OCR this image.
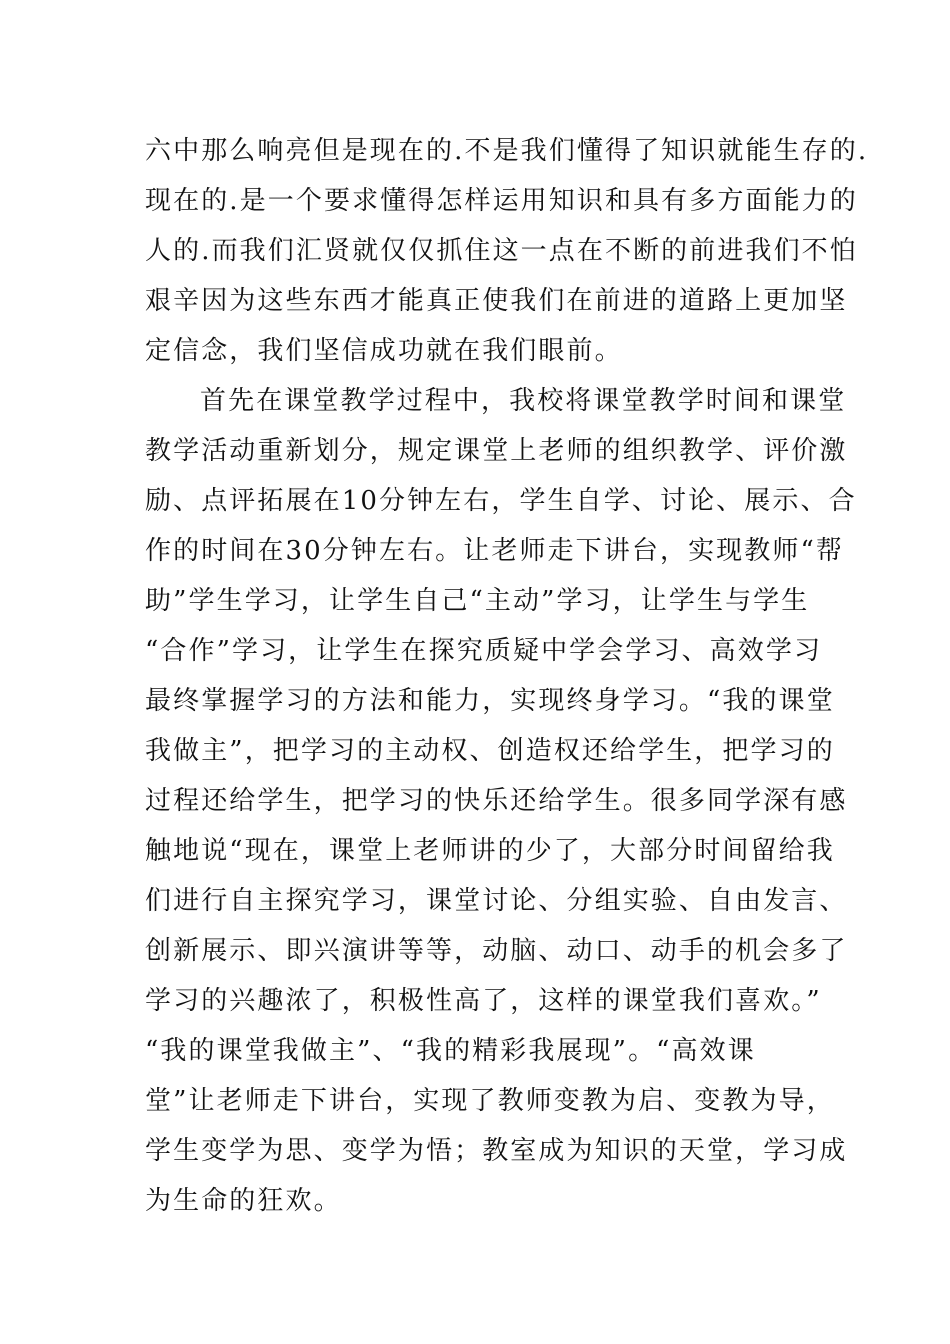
六中那么响亮但是现在的.不是我们懂得了知识就能生存的.
现在的.是一个要求懂得怎样运用知识和具有多方面能力的
人的.而我们汇贤就仅仅抓住这一点在不断的前进我们不怕
艰辛因为这些东西才能真正使我们在前进的道路上更加坚
定信念，我们坚信成功就在我们眼前。
首先在课堂教学过程中，我校将课堂教学时间和课堂
教学活动重新划分，规定课堂上老师的组织教学、评价激
励、点评拓展在10分钟左右，学生自学、讨论、展示、合
作的时间在30分钟左右。让老师走下讲台，实现教师“帮
助”学生学习，让学生自己“主动”学习，让学生与学生
“合作”学习，让学生在探究质疑中学会学习、高效学习
最终掌握学习的方法和能力，实现终身学习。“我的课堂
我做主”，把学习的主动权、创造权还给学生，把学习的
过程还给学生，把学习的快乐还给学生。很多同学深有感
触地说“现在，课堂上老师讲的少了，大部分时间留给我
们进行自主探究学习，课堂讨论、分组实验、自由发言、
创新展示、即兴演讲等等，动脑、动口、动手的机会多了
学习的兴趣浓了，积极性高了，这样的课堂我们喜欢。”
“我的课堂我做主”、“我的精彩我展现”。“高效课
堂”让老师走下讲台，实现了教师变教为启、变教为导，
学生变学为思、变学为悟；教室成为知识的天堂，学习成
为生命的狂欢。
